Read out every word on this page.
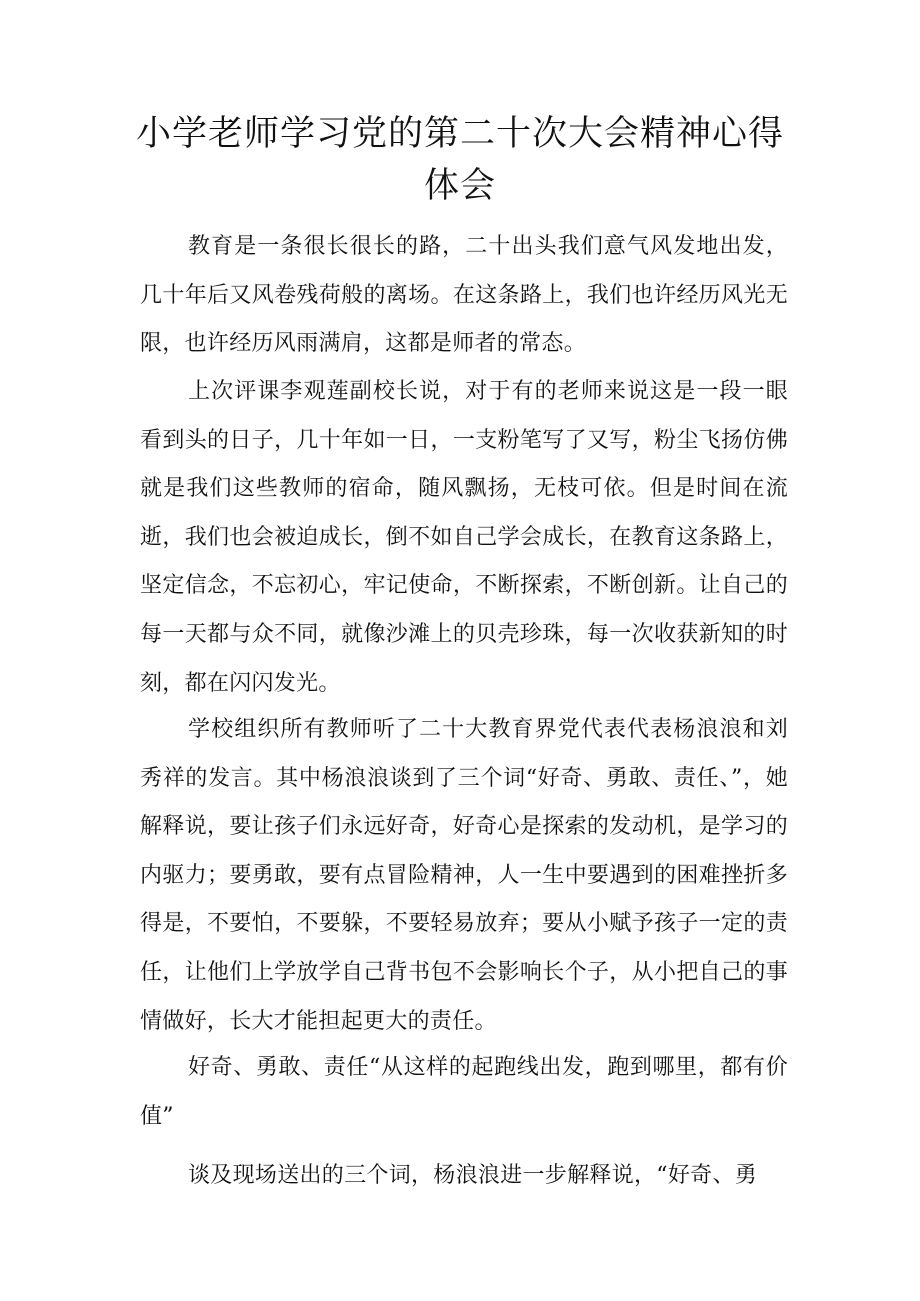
小学老师学习党的第二十次大会精神心得
体会

教育是一条很长很长的路，二十出头我们意气风发地出发，几十年后又风卷残荷般的离场。在这条路上，我们也许经历风光无限，也许经历风雨满肩，这都是师者的常态。

上次评课李观莲副校长说，对于有的老师来说这是一段一眼看到头的日子，几十年如一日，一支粉笔写了又写，粉尘飞扬仿佛就是我们这些教师的宿命，随风飘扬，无枝可依。但是时间在流逝，我们也会被迫成长，倒不如自己学会成长，在教育这条路上，坚定信念，不忘初心，牢记使命，不断探索，不断创新。让自己的每一天都与众不同，就像沙滩上的贝壳珍珠，每一次收获新知的时刻，都在闪闪发光。

学校组织所有教师听了二十大教育界党代表代表杨浪浪和刘秀祥的发言。其中杨浪浪谈到了三个词“好奇、勇敢、责任、”，她解释说，要让孩子们永远好奇，好奇心是探索的发动机，是学习的内驱力；要勇敢，要有点冒险精神，人一生中要遇到的困难挫折多得是，不要怕，不要躲，不要轻易放弃；要从小赋予孩子一定的责任，让他们上学放学自己背书包不会影响长个子，从小把自己的事情做好，长大才能担起更大的责任。

好奇、勇敢、责任“从这样的起跑线出发，跑到哪里，都有价值”

谈及现场送出的三个词，杨浪浪进一步解释说，“好奇、勇
